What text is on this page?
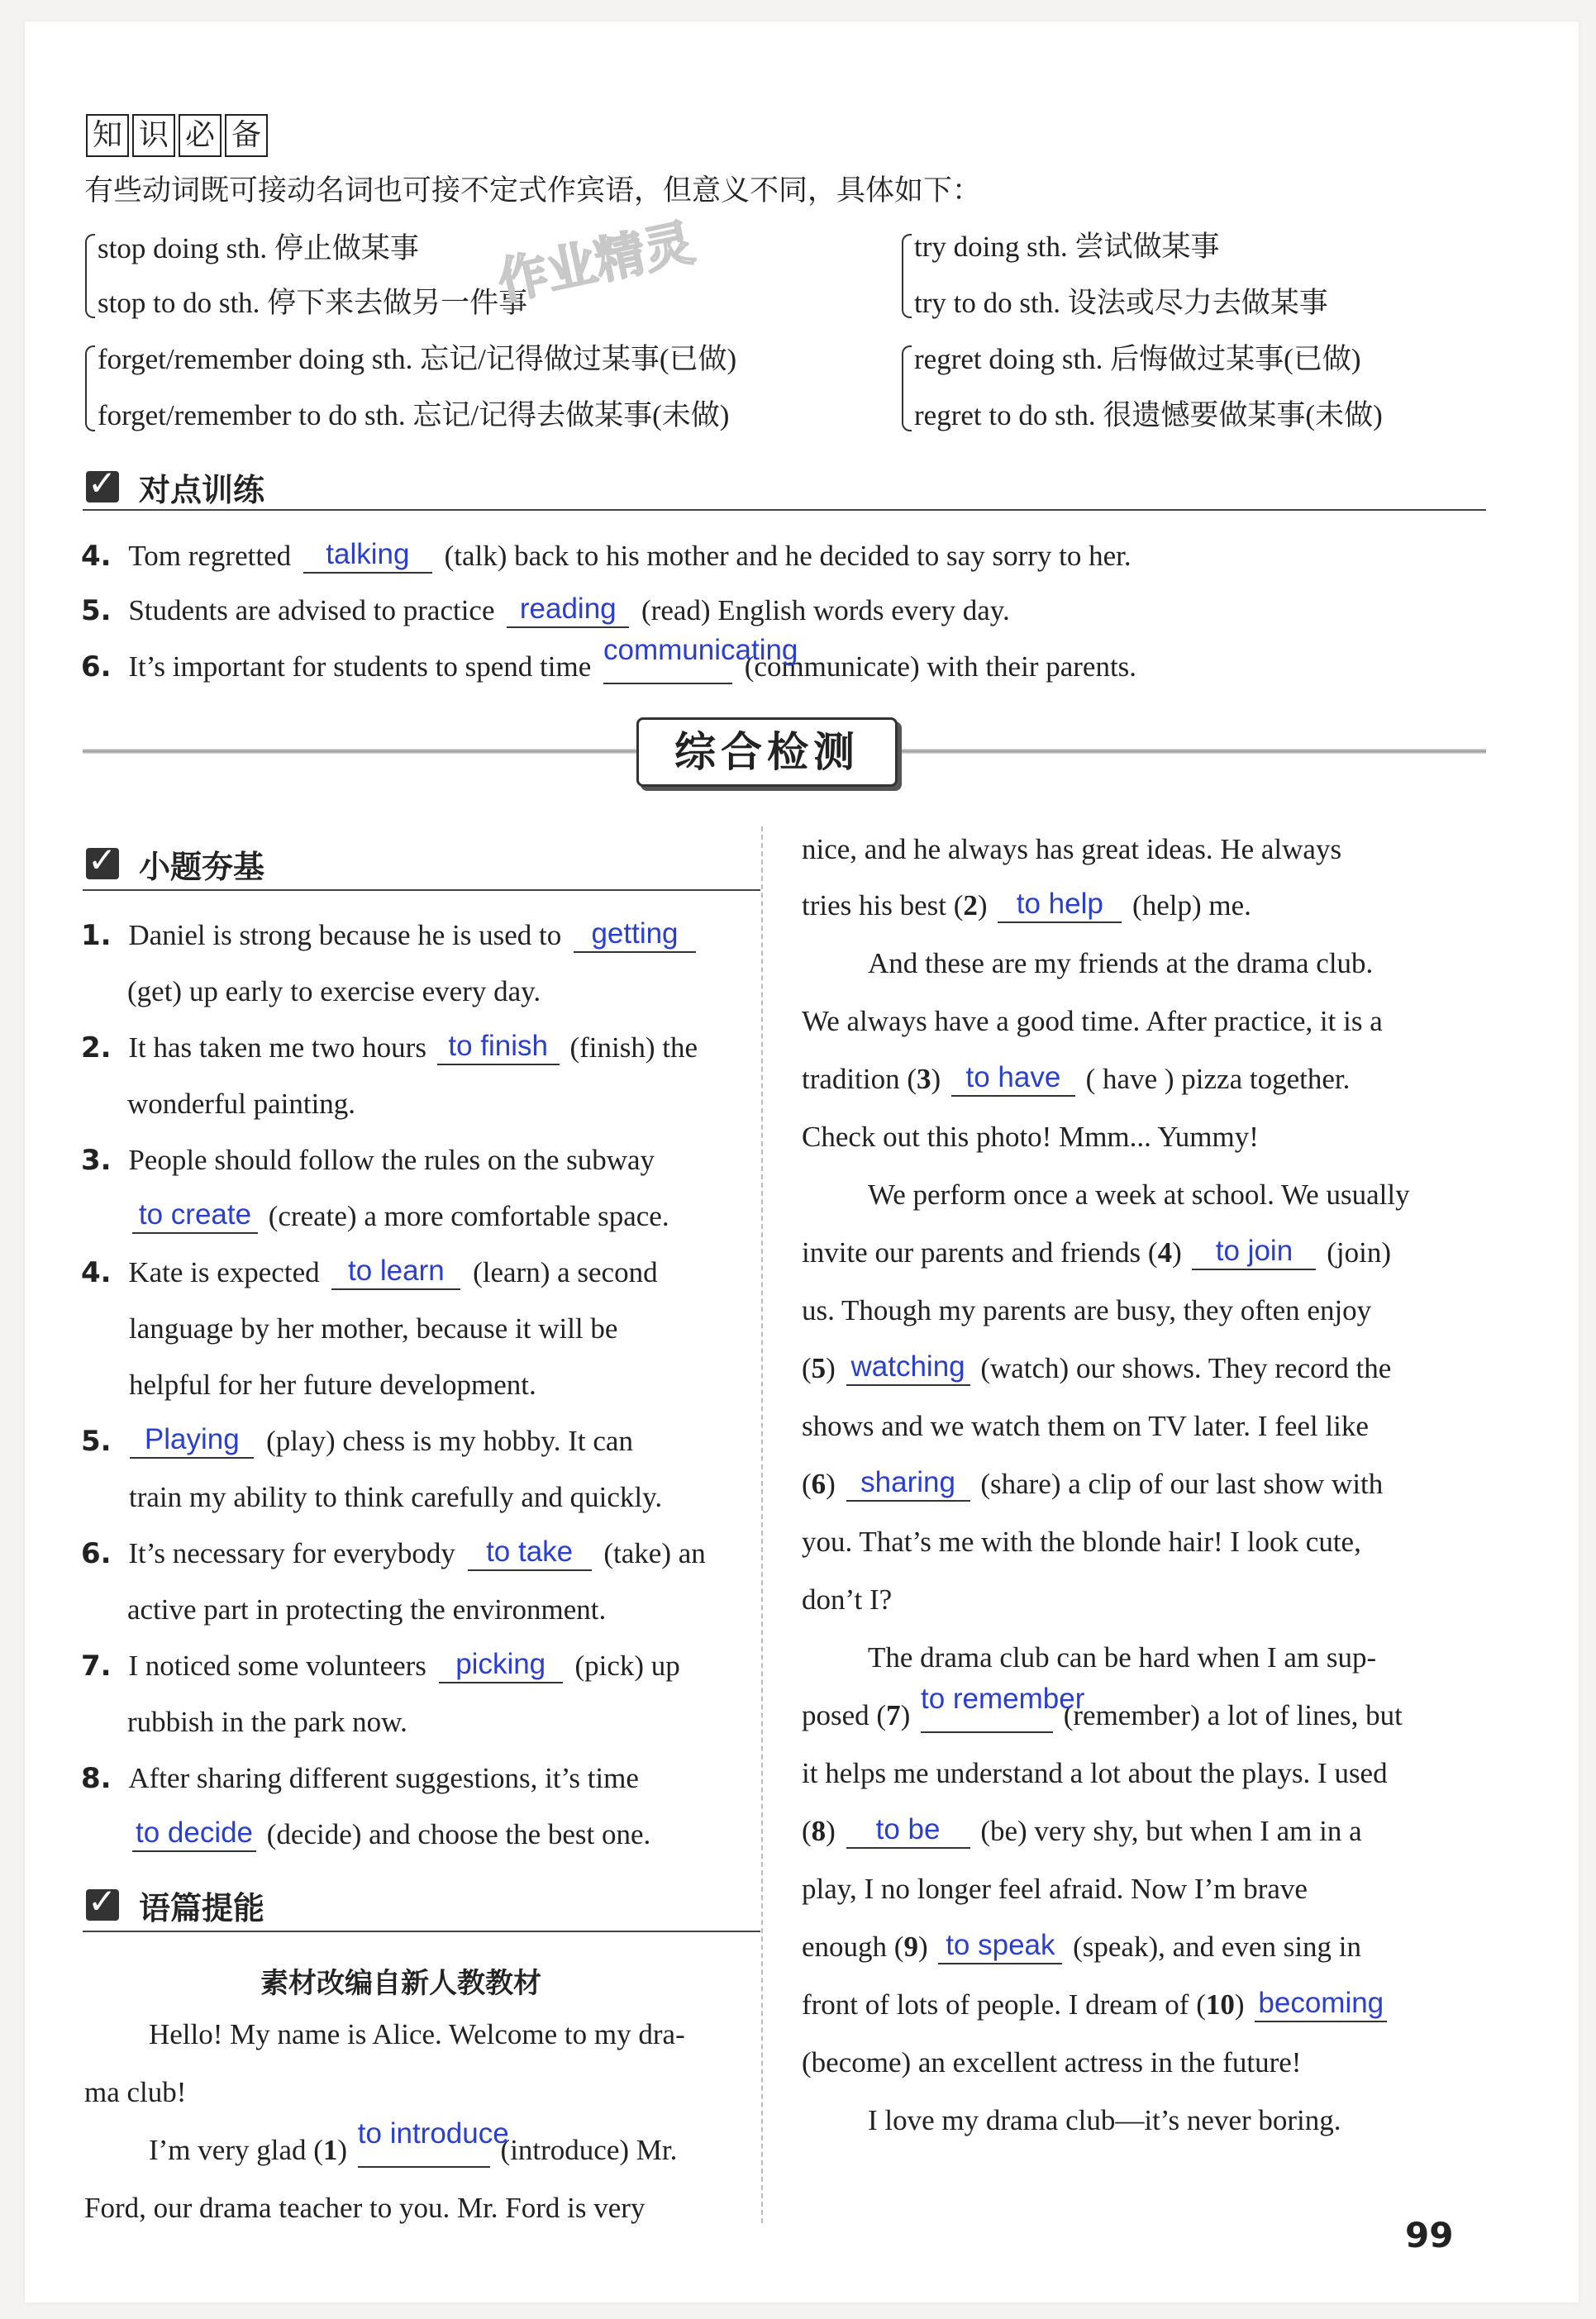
知 识 必 备
有些动词既可接动名词也可接不定式作宾语，但意义不同，具体如下：
stop doing sth. 停止做某事
stop to do sth. 停下来去做另一件事
try doing sth. 尝试做某事
try to do sth. 设法或尽力去做某事
forget/remember doing sth. 忘记/记得做过某事(已做)
forget/remember to do sth. 忘记/记得去做某事(未做)
regret doing sth. 后悔做过某事(已做)
regret to do sth. 很遗憾要做某事(未做)
作业精灵
✓ 对点训练
4. Tom regretted talking (talk) back to his mother and he decided to say sorry to her.
5. Students are advised to practice reading (read) English words every day.
6. It’s important for students to spend time communicating (communicate) with their parents.
综合检测
✓ 小题夯基
1. Daniel is strong because he is used to getting
(get) up early to exercise every day.
2. It has taken me two hours to finish (finish) the
wonderful painting.
3. People should follow the rules on the subway
to create (create) a more comfortable space.
4. Kate is expected to learn (learn) a second
language by her mother, because it will be
helpful for her future development.
5. Playing (play) chess is my hobby. It can
train my ability to think carefully and quickly.
6. It’s necessary for everybody to take (take) an
active part in protecting the environment.
7. I noticed some volunteers picking (pick) up
rubbish in the park now.
8. After sharing different suggestions, it’s time
to decide (decide) and choose the best one.
✓ 语篇提能
素材改编自新人教教材
Hello! My name is Alice. Welcome to my dra-
ma club!
I’m very glad (1) to introduce (introduce) Mr.
Ford, our drama teacher to you. Mr. Ford is very
nice, and he always has great ideas. He always
tries his best (2) to help (help) me.
And these are my friends at the drama club.
We always have a good time. After practice, it is a
tradition (3) to have ( have ) pizza together.
Check out this photo! Mmm... Yummy!
We perform once a week at school. We usually
invite our parents and friends (4) to join (join)
us. Though my parents are busy, they often enjoy
(5) watching (watch) our shows. They record the
shows and we watch them on TV later. I feel like
(6) sharing (share) a clip of our last show with
you. That’s me with the blonde hair! I look cute,
don’t I?
The drama club can be hard when I am sup-
posed (7) to remember (remember) a lot of lines, but
it helps me understand a lot about the plays. I used
(8) to be (be) very shy, but when I am in a
play, I no longer feel afraid. Now I’m brave
enough (9) to speak (speak), and even sing in
front of lots of people. I dream of (10) becoming
(become) an excellent actress in the future!
I love my drama club—it’s never boring.
99
